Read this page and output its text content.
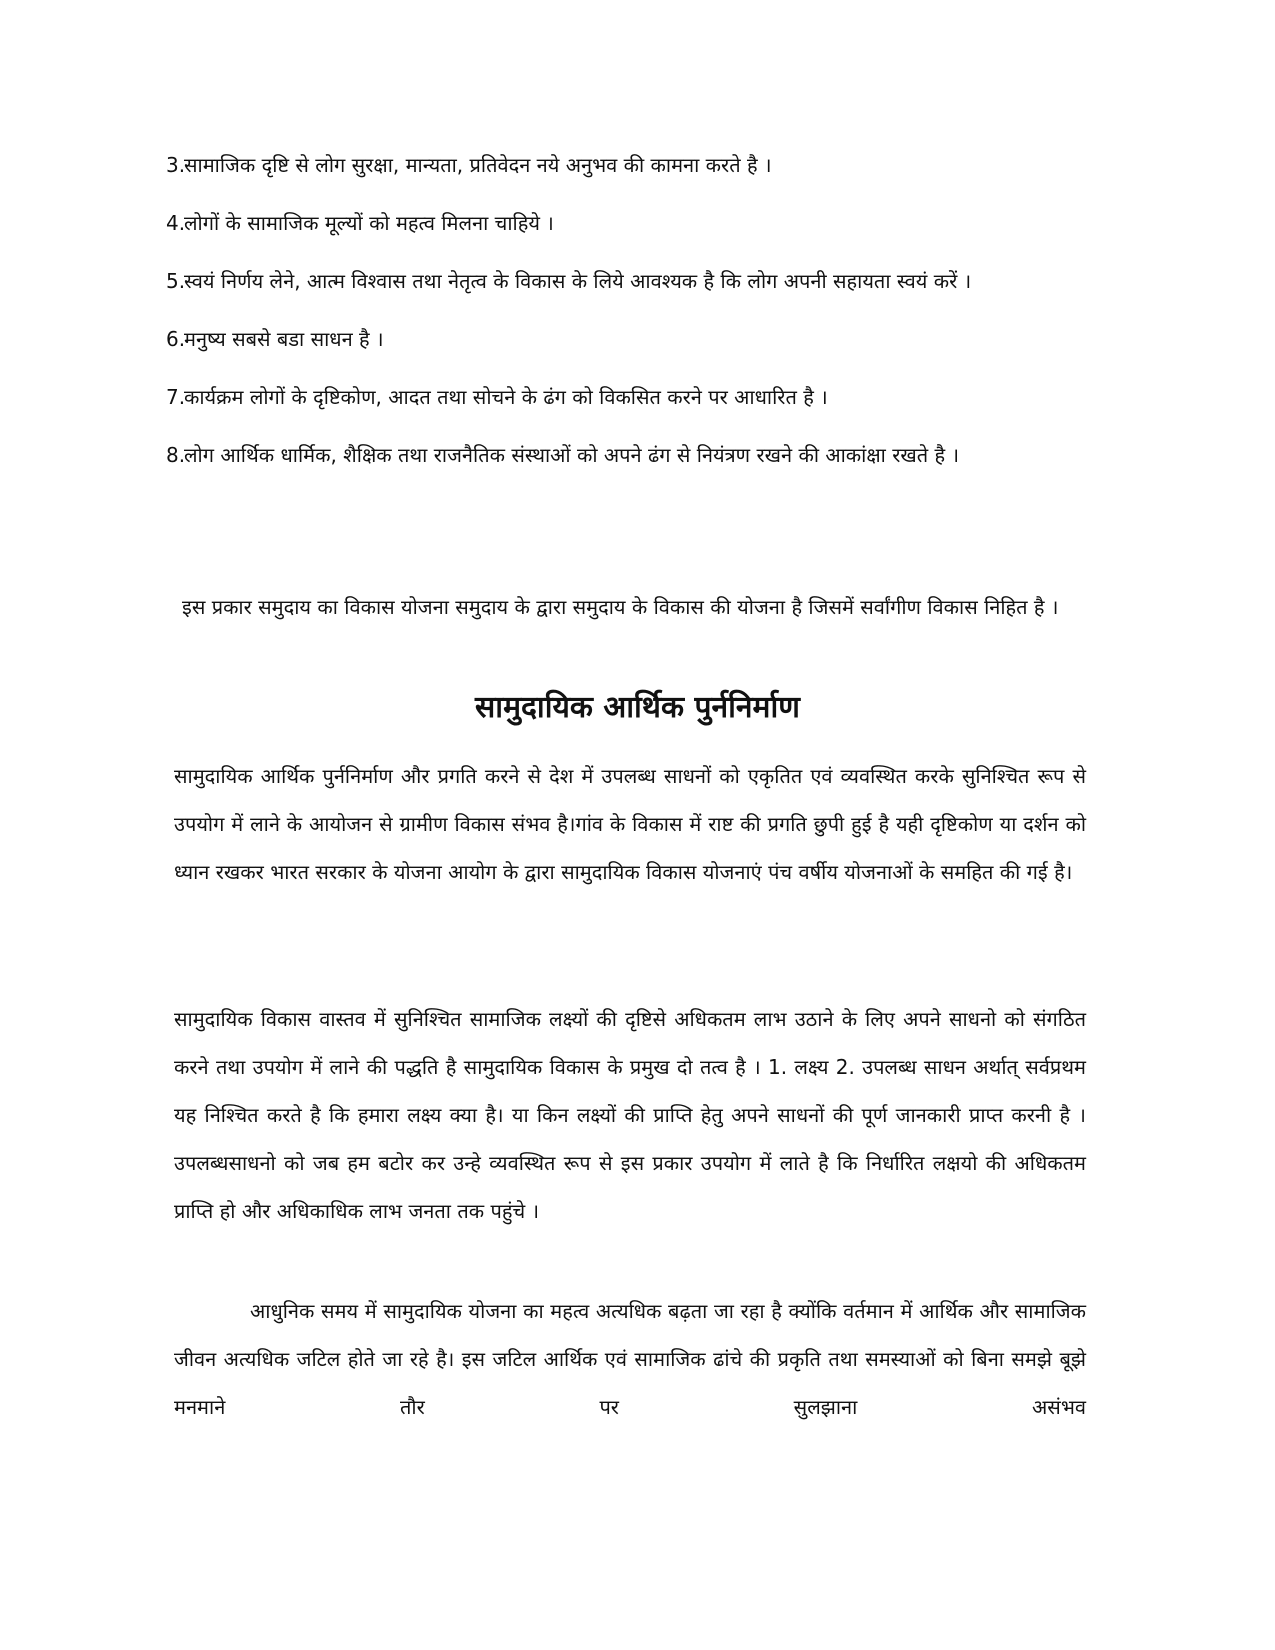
3.
सामाजिक दृष्टि से लोग सुरक्षा, मान्यता, प्रतिवेदन नये अनुभव की कामना करते है ।
4.
लोगों के सामाजिक मूल्यों को महत्व मिलना चाहिये ।
5.
स्वयं निर्णय लेने, आत्म विश्वास तथा नेतृत्व के विकास के लिये आवश्यक है कि लोग अपनी सहायता स्वयं करें ।
6.
मनुष्य सबसे बडा साधन है ।
7.
कार्यक्रम लोगों के दृष्टिकोण, आदत तथा सोचने के ढंग को विकसित करने पर आधारित है ।
8.
लोग आर्थिक धार्मिक, शैक्षिक तथा राजनैतिक संस्थाओं को अपने ढंग से नियंत्रण रखने की आकांक्षा रखते है ।

इस प्रकार समुदाय का विकास योजना समुदाय के द्वारा समुदाय के विकास की योजना है जिसमें सर्वांगीण विकास निहित है ।

सामुदायिक आर्थिक पुर्ननिर्माण

सामुदायिक आर्थिक पुर्ननिर्माण और प्रगति करने से देश में उपलब्ध साधनों को एकृतित एवं व्यवस्थित करके सुनिश्चित रूप से उपयोग में लाने के आयोजन से ग्रामीण विकास संभव है।गांव के विकास में राष्ट की प्रगति छुपी हुई है यही दृष्टिकोण या दर्शन को ध्यान रखकर भारत सरकार के योजना आयोग के द्वारा सामुदायिक विकास योजनाएं पंच वर्षीय योजनाओं के समहित की गई है।

सामुदायिक विकास वास्तव में सुनिश्चित सामाजिक लक्ष्यों की दृष्टिसे अधिकतम लाभ उठाने के लिए अपने साधनो को संगठित करने तथा उपयोग में लाने की पद्धति है सामुदायिक विकास के प्रमुख दो तत्व है । 1. लक्ष्य 2. उपलब्ध साधन अर्थात् सर्वप्रथम यह निश्चित करते है कि हमारा लक्ष्य क्या है। या किन लक्ष्यों की प्राप्ति हेतु अपने साधनों की पूर्ण जानकारी प्राप्त करनी है । उपलब्धसाधनो को जब हम बटोर कर उन्हे व्यवस्थित रूप से इस प्रकार उपयोग में लाते है कि निर्धारित लक्षयो की अधिकतम प्राप्ति हो और अधिकाधिक लाभ जनता तक पहुंचे ।

आधुनिक समय में सामुदायिक योजना का महत्व अत्यधिक बढ़ता जा रहा है क्योंकि वर्तमान में आर्थिक और सामाजिक जीवन अत्यधिक जटिल होते जा रहे है। इस जटिल आर्थिक एवं सामाजिक ढांचे की प्रकृति तथा समस्याओं को बिना समझे बूझे मनमाने तौर पर सुलझाना असंभव
